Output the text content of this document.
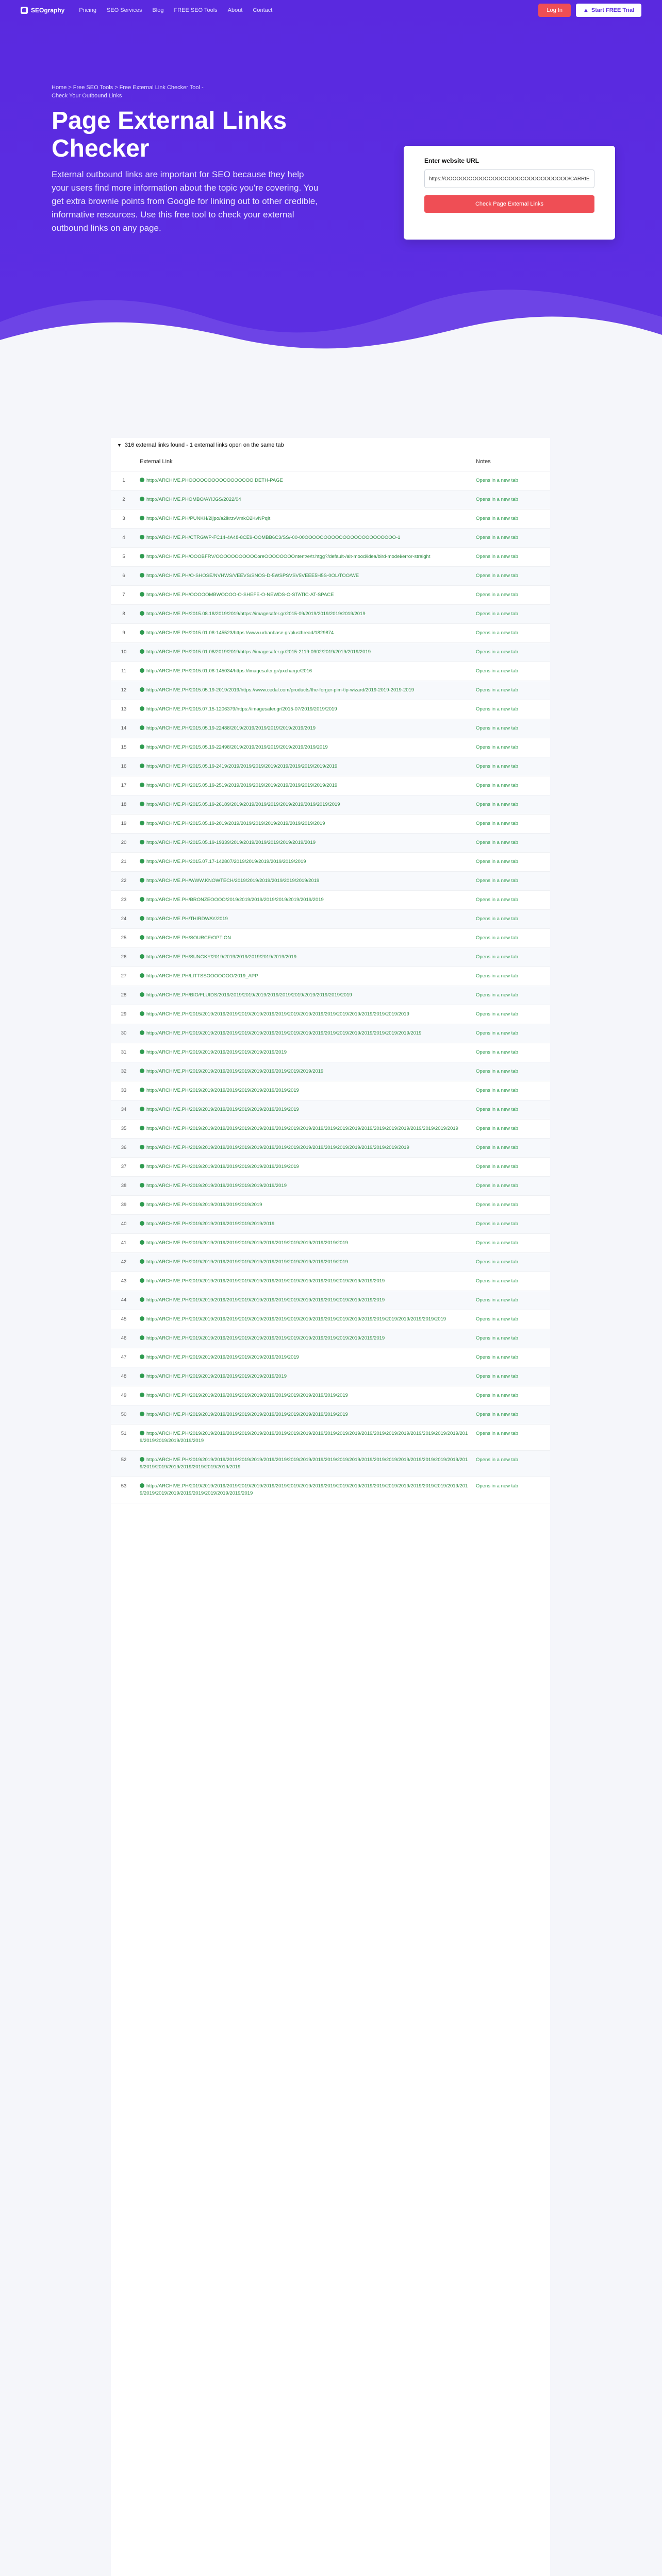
SEOgraphy	Pricing SEO Services Blog FREE SEO Tools About Contact	Log In	▲ Start FREE Trial
Home > Free SEO Tools > Free External Link Checker Tool - Check Your Outbound Links
Page External Links Checker

External outbound links are important for SEO because they help your users find more information about the topic you're covering. You get extra brownie points from Google for linking out to other credible, informative resources. Use this free tool to check your external outbound links on any page.

Enter website URL
https://OOOOOOOOOOOOOOOOOOOOOOOOOOOOOOO/CARRIED/
Check Page External Links
▼ 316 external links found - 1 external links open on the same tab
	External Link	Notes
1	http://ARCHIVE.PHOOOOOOOOOOOOOOOOO DETH-PAGE	Opens in a new tab
2	http://ARCHIVE.PHOMBO/AYIJGS/2022/04	Opens in a new tab
3	http://ARCHIVE.PH/PUNKH/2Ijpo/a2lkrzvVmkO2KvNPqIt	Opens in a new tab
4	http://ARCHIVE.PH/CTRGWP-FC14-4A48-8CE9-OOMBB6C3/SS/-00-00OOOOOOOOOOOOOOOOOOOOOOOO-1	Opens in a new tab
5	http://ARCHIVE.PH/OOOBFRV/OOOOOOOOOOCoreOOOOOOOOntent/e/tr.htgg?/default-/alt-mood/idea/bird-model/error-straight	Opens in a new tab
6	http://ARCHIVE.PH/O-SHOSE/NVHWS/VEEVS/SNOS-D-5WSPSVSV5VEEE5H5S-0OL/TOO/WE	Opens in a new tab
7	http://ARCHIVE.PH/OOOOOMBWOOOO-O-SHEFE-O-NEWDS-O-STATIC-AT-SPACE	Opens in a new tab
8	http://ARCHIVE.PH/2015.08.18/2019/2019/https://imagesafer.gr/2015-09/2019/2019/2019/2019/2019	Opens in a new tab
9	http://ARCHIVE.PH/2015.01.08-145523/https://www.urbanbase.gr/plusthread/1829874	Opens in a new tab
10	http://ARCHIVE.PH/2015.01.08/2019/2019/https://imagesafer.gr/2015-2119-0902/2019/2019/2019/2019	Opens in a new tab
11	http://ARCHIVE.PH/2015.01.08-145034/https://imagesafer.gr/pxcharge/2016	Opens in a new tab
12	http://ARCHIVE.PH/2015.05.19-2019/2019/https://www.cedal.com/products/the-forger-pim-tip-wizard/2019-2019-2019-2019	Opens in a new tab
13	http://ARCHIVE.PH/2015.07.15-1206379/https://imagesafer.gr/2015-07/2019/2019/2019	Opens in a new tab
14	http://ARCHIVE.PH/2015.05.19-22488/2019/2019/2019/2019/2019/2019/2019	Opens in a new tab
15	http://ARCHIVE.PH/2015.05.19-22498/2019/2019/2019/2019/2019/2019/2019/2019	Opens in a new tab
16	http://ARCHIVE.PH/2015.05.19-2419/2019/2019/2019/2019/2019/2019/2019/2019/2019	Opens in a new tab
17	http://ARCHIVE.PH/2015.05.19-2519/2019/2019/2019/2019/2019/2019/2019/2019/2019	Opens in a new tab
18	http://ARCHIVE.PH/2015.05.19-26189/2019/2019/2019/2019/2019/2019/2019/2019/2019	Opens in a new tab
19	http://ARCHIVE.PH/2015.05.19-2019/2019/2019/2019/2019/2019/2019/2019/2019	Opens in a new tab
20	http://ARCHIVE.PH/2015.05.19-19339/2019/2019/2019/2019/2019/2019/2019	Opens in a new tab
21	http://ARCHIVE.PH/2015.07.17-142807/2019/2019/2019/2019/2019/2019	Opens in a new tab
22	http://ARCHIVE.PH/WWW.KNOWTECH/2019/2019/2019/2019/2019/2019/2019	Opens in a new tab
23	http://ARCHIVE.PH/BRONZEOOOO/2019/2019/2019/2019/2019/2019/2019/2019	Opens in a new tab
24	http://ARCHIVE.PH/THIRDWAY/2019	Opens in a new tab
25	http://ARCHIVE.PH/SOURCE/OPTION	Opens in a new tab
26	http://ARCHIVE.PH/SUNGKY/2019/2019/2019/2019/2019/2019/2019	Opens in a new tab
27	http://ARCHIVE.PH/LITTSSOOOOOOO/2019_APP	Opens in a new tab
28	http://ARCHIVE.PH/BIO/FLUIDS/2019/2019/2019/2019/2019/2019/2019/2019/2019/2019/2019	Opens in a new tab
29	http://ARCHIVE.PH/2015/2019/2019/2019/2019/2019/2019/2019/2019/2019/2019/2019/2019/2019/2019/2019/2019/2019	Opens in a new tab
30	http://ARCHIVE.PH/2019/2019/2019/2019/2019/2019/2019/2019/2019/2019/2019/2019/2019/2019/2019/2019/2019/2019/2019	Opens in a new tab
31	http://ARCHIVE.PH/2019/2019/2019/2019/2019/2019/2019/2019	Opens in a new tab
32	http://ARCHIVE.PH/2019/2019/2019/2019/2019/2019/2019/2019/2019/2019/2019	Opens in a new tab
33	http://ARCHIVE.PH/2019/2019/2019/2019/2019/2019/2019/2019/2019	Opens in a new tab
34	http://ARCHIVE.PH/2019/2019/2019/2019/2019/2019/2019/2019/2019	Opens in a new tab
35	http://ARCHIVE.PH/2019/2019/2019/2019/2019/2019/2019/2019/2019/2019/2019/2019/2019/2019/2019/2019/2019/2019/2019/2019/2019/2019	Opens in a new tab
36	http://ARCHIVE.PH/2019/2019/2019/2019/2019/2019/2019/2019/2019/2019/2019/2019/2019/2019/2019/2019/2019/2019	Opens in a new tab
37	http://ARCHIVE.PH/2019/2019/2019/2019/2019/2019/2019/2019/2019	Opens in a new tab
38	http://ARCHIVE.PH/2019/2019/2019/2019/2019/2019/2019/2019	Opens in a new tab
39	http://ARCHIVE.PH/2019/2019/2019/2019/2019/2019	Opens in a new tab
40	http://ARCHIVE.PH/2019/2019/2019/2019/2019/2019/2019	Opens in a new tab
41	http://ARCHIVE.PH/2019/2019/2019/2019/2019/2019/2019/2019/2019/2019/2019/2019/2019	Opens in a new tab
42	http://ARCHIVE.PH/2019/2019/2019/2019/2019/2019/2019/2019/2019/2019/2019/2019/2019	Opens in a new tab
43	http://ARCHIVE.PH/2019/2019/2019/2019/2019/2019/2019/2019/2019/2019/2019/2019/2019/2019/2019/2019	Opens in a new tab
44	http://ARCHIVE.PH/2019/2019/2019/2019/2019/2019/2019/2019/2019/2019/2019/2019/2019/2019/2019/2019	Opens in a new tab
45	http://ARCHIVE.PH/2019/2019/2019/2019/2019/2019/2019/2019/2019/2019/2019/2019/2019/2019/2019/2019/2019/2019/2019/2019/2019	Opens in a new tab
46	http://ARCHIVE.PH/2019/2019/2019/2019/2019/2019/2019/2019/2019/2019/2019/2019/2019/2019/2019/2019	Opens in a new tab
47	http://ARCHIVE.PH/2019/2019/2019/2019/2019/2019/2019/2019/2019	Opens in a new tab
48	http://ARCHIVE.PH/2019/2019/2019/2019/2019/2019/2019/2019	Opens in a new tab
49	http://ARCHIVE.PH/2019/2019/2019/2019/2019/2019/2019/2019/2019/2019/2019/2019/2019	Opens in a new tab
50	http://ARCHIVE.PH/2019/2019/2019/2019/2019/2019/2019/2019/2019/2019/2019/2019/2019	Opens in a new tab
51	http://ARCHIVE.PH/2019/2019/2019/2019/2019/2019/2019/2019/2019/2019/2019/2019/2019/2019/2019/2019/2019/2019/2019/2019/2019/2019/2019/2019/2019/2019/2019/2019	Opens in a new tab
52	http://ARCHIVE.PH/2019/2019/2019/2019/2019/2019/2019/2019/2019/2019/2019/2019/2019/2019/2019/2019/2019/2019/2019/2019/2019/2019/2019/2019/2019/2019/2019/2019/2019/2019/2019	Opens in a new tab
53	http://ARCHIVE.PH/2019/2019/2019/2019/2019/2019/2019/2019/2019/2019/2019/2019/2019/2019/2019/2019/2019/2019/2019/2019/2019/2019/2019/2019/2019/2019/2019/2019/2019/2019/2019/2019	Opens in a new tab
